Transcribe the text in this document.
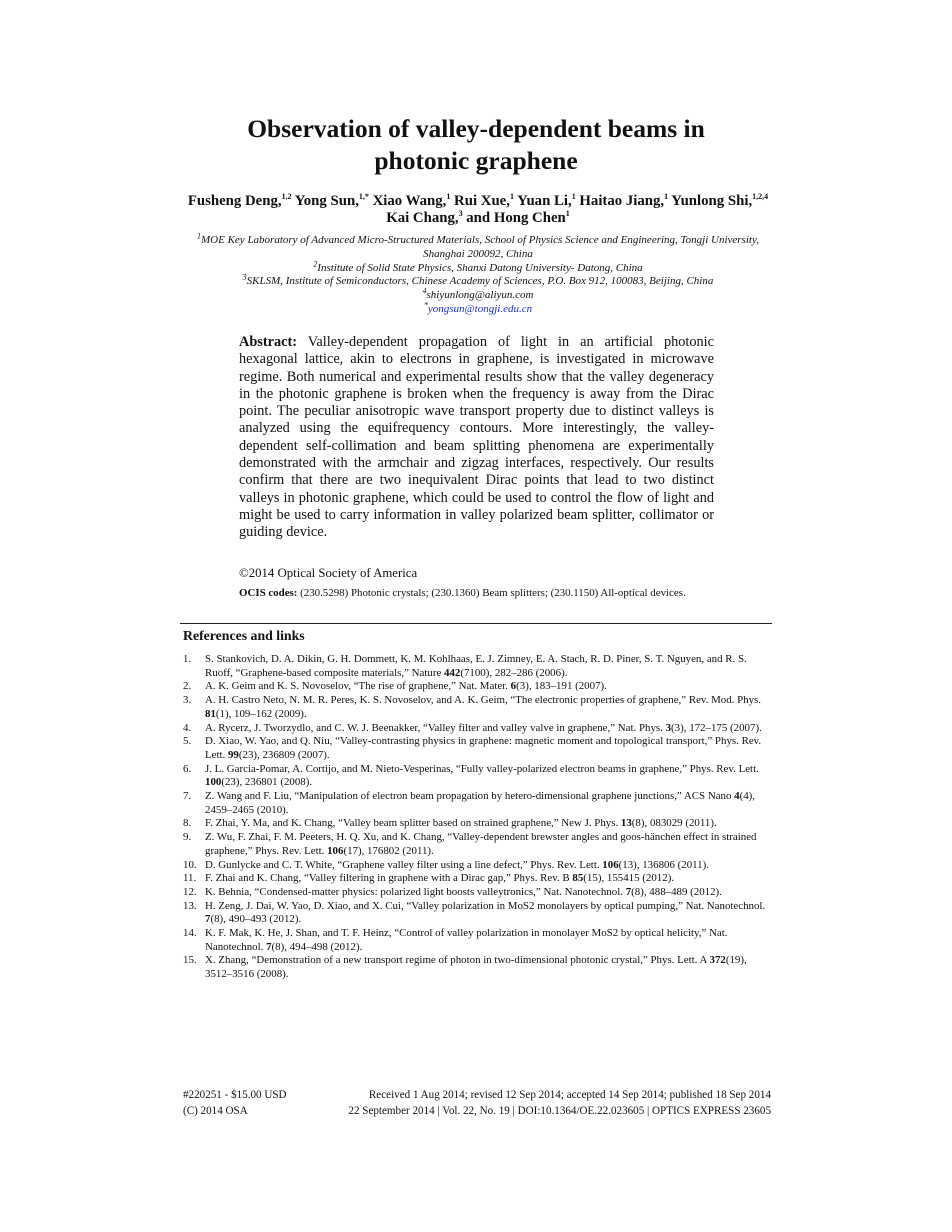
Observation of valley-dependent beams in
photonic graphene
Fusheng Deng,$^{1,2}$ Yong Sun,$^{1,*}$ Xiao Wang,$^1$ Rui Xue,$^1$ Yuan Li,$^1$ Haitao Jiang,$^1$ Yunlong Shi,$^{1,2,4}$ Kai Chang,$^3$ and Hong Chen$^1$
$^1$MOE Key Laboratory of Advanced Micro-Structured Materials, School of Physics Science and Engineering, Tongji University, Shanghai 200092, China
$^2$Institute of Solid State Physics, Shanxi Datong University- Datong, China
$^3$SKLSM, Institute of Semiconductors, Chinese Academy of Sciences, P.O. Box 912, 100083, Beijing, China
$^4$shiyunlong@aliyun.com
*yongsun@tongji.edu.cn
Abstract: Valley-dependent propagation of light in an artificial photonic hexagonal lattice, akin to electrons in graphene, is investigated in microwave regime. Both numerical and experimental results show that the valley degeneracy in the photonic graphene is broken when the frequency is away from the Dirac point. The peculiar anisotropic wave transport property due to distinct valleys is analyzed using the equifrequency contours. More interestingly, the valley-dependent self-collimation and beam splitting phenomena are experimentally demonstrated with the armchair and zigzag interfaces, respectively. Our results confirm that there are two inequivalent Dirac points that lead to two distinct valleys in photonic graphene, which could be used to control the flow of light and might be used to carry information in valley polarized beam splitter, collimator or guiding device.
©2014 Optical Society of America
OCIS codes: (230.5298) Photonic crystals; (230.1360) Beam splitters; (230.1150) All-optical devices.
References and links
1. S. Stankovich, D. A. Dikin, G. H. Dommett, K. M. Kohlhaas, E. J. Zimney, E. A. Stach, R. D. Piner, S. T. Nguyen, and R. S. Ruoff, “Graphene-based composite materials,” Nature 442(7100), 282–286 (2006).
2. A. K. Geim and K. S. Novoselov, “The rise of graphene,” Nat. Mater. 6(3), 183–191 (2007).
3. A. H. Castro Neto, N. M. R. Peres, K. S. Novoselov, and A. K. Geim, “The electronic properties of graphene,” Rev. Mod. Phys. 81(1), 109–162 (2009).
4. A. Rycerz, J. Tworzydlo, and C. W. J. Beenakker, “Valley filter and valley valve in graphene,” Nat. Phys. 3(3), 172–175 (2007).
5. D. Xiao, W. Yao, and Q. Niu, “Valley-contrasting physics in graphene: magnetic moment and topological transport,” Phys. Rev. Lett. 99(23), 236809 (2007).
6. J. L. Garcia-Pomar, A. Cortijo, and M. Nieto-Vesperinas, “Fully valley-polarized electron beams in graphene,” Phys. Rev. Lett. 100(23), 236801 (2008).
7. Z. Wang and F. Liu, “Manipulation of electron beam propagation by hetero-dimensional graphene junctions,” ACS Nano 4(4), 2459–2465 (2010).
8. F. Zhai, Y. Ma, and K. Chang, “Valley beam splitter based on strained graphene,” New J. Phys. 13(8), 083029 (2011).
9. Z. Wu, F. Zhai, F. M. Peeters, H. Q. Xu, and K. Chang, “Valley-dependent brewster angles and goos-hänchen effect in strained graphene,” Phys. Rev. Lett. 106(17), 176802 (2011).
10. D. Gunlycke and C. T. White, “Graphene valley filter using a line defect,” Phys. Rev. Lett. 106(13), 136806 (2011).
11. F. Zhai and K. Chang, “Valley filtering in graphene with a Dirac gap,” Phys. Rev. B 85(15), 155415 (2012).
12. K. Behnia, “Condensed-matter physics: polarized light boosts valleytronics,” Nat. Nanotechnol. 7(8), 488–489 (2012).
13. H. Zeng, J. Dai, W. Yao, D. Xiao, and X. Cui, “Valley polarization in MoS2 monolayers by optical pumping,” Nat. Nanotechnol. 7(8), 490–493 (2012).
14. K. F. Mak, K. He, J. Shan, and T. F. Heinz, “Control of valley polarization in monolayer MoS2 by optical helicity,” Nat. Nanotechnol. 7(8), 494–498 (2012).
15. X. Zhang, “Demonstration of a new transport regime of photon in two-dimensional photonic crystal,” Phys. Lett. A 372(19), 3512–3516 (2008).
#220251 - $15.00 USD	Received 1 Aug 2014; revised 12 Sep 2014; accepted 14 Sep 2014; published 18 Sep 2014
(C) 2014 OSA	22 September 2014 | Vol. 22, No. 19 | DOI:10.1364/OE.22.023605 | OPTICS EXPRESS 23605
